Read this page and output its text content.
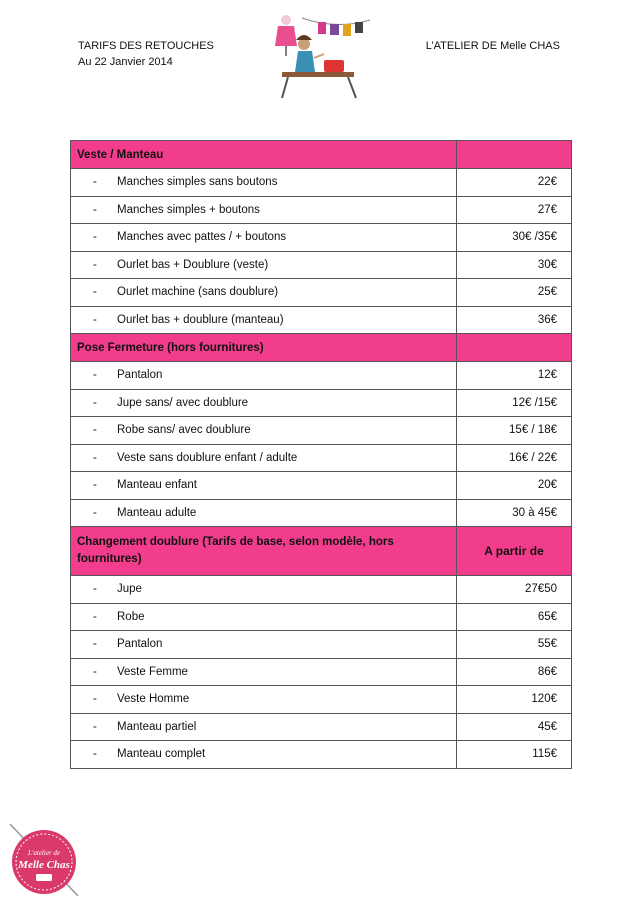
TARIFS DES RETOUCHES
Au 22 Janvier 2014
L’ATELIER DE Melle CHAS
Veste / Manteau	
- Manches simples sans boutons	22€
- Manches simples + boutons	27€
- Manches avec pattes / + boutons	30€ /35€
- Ourlet bas + Doublure (veste)	30€
- Ourlet machine (sans doublure)	25€
- Ourlet bas + doublure (manteau)	36€
Pose Fermeture (hors fournitures)	
- Pantalon	12€
- Jupe sans/ avec doublure	12€ /15€
- Robe sans/ avec doublure	15€ / 18€
- Veste sans doublure enfant / adulte	16€ / 22€
- Manteau enfant	20€
- Manteau adulte	30 à 45€
Changement doublure (Tarifs de base, selon modèle, hors fournitures)	A partir de
- Jupe	27€50
- Robe	65€
- Pantalon	55€
- Veste Femme	86€
- Veste Homme	120€
- Manteau partiel	45€
- Manteau complet	115€
L'atelier de
Melle Chas
